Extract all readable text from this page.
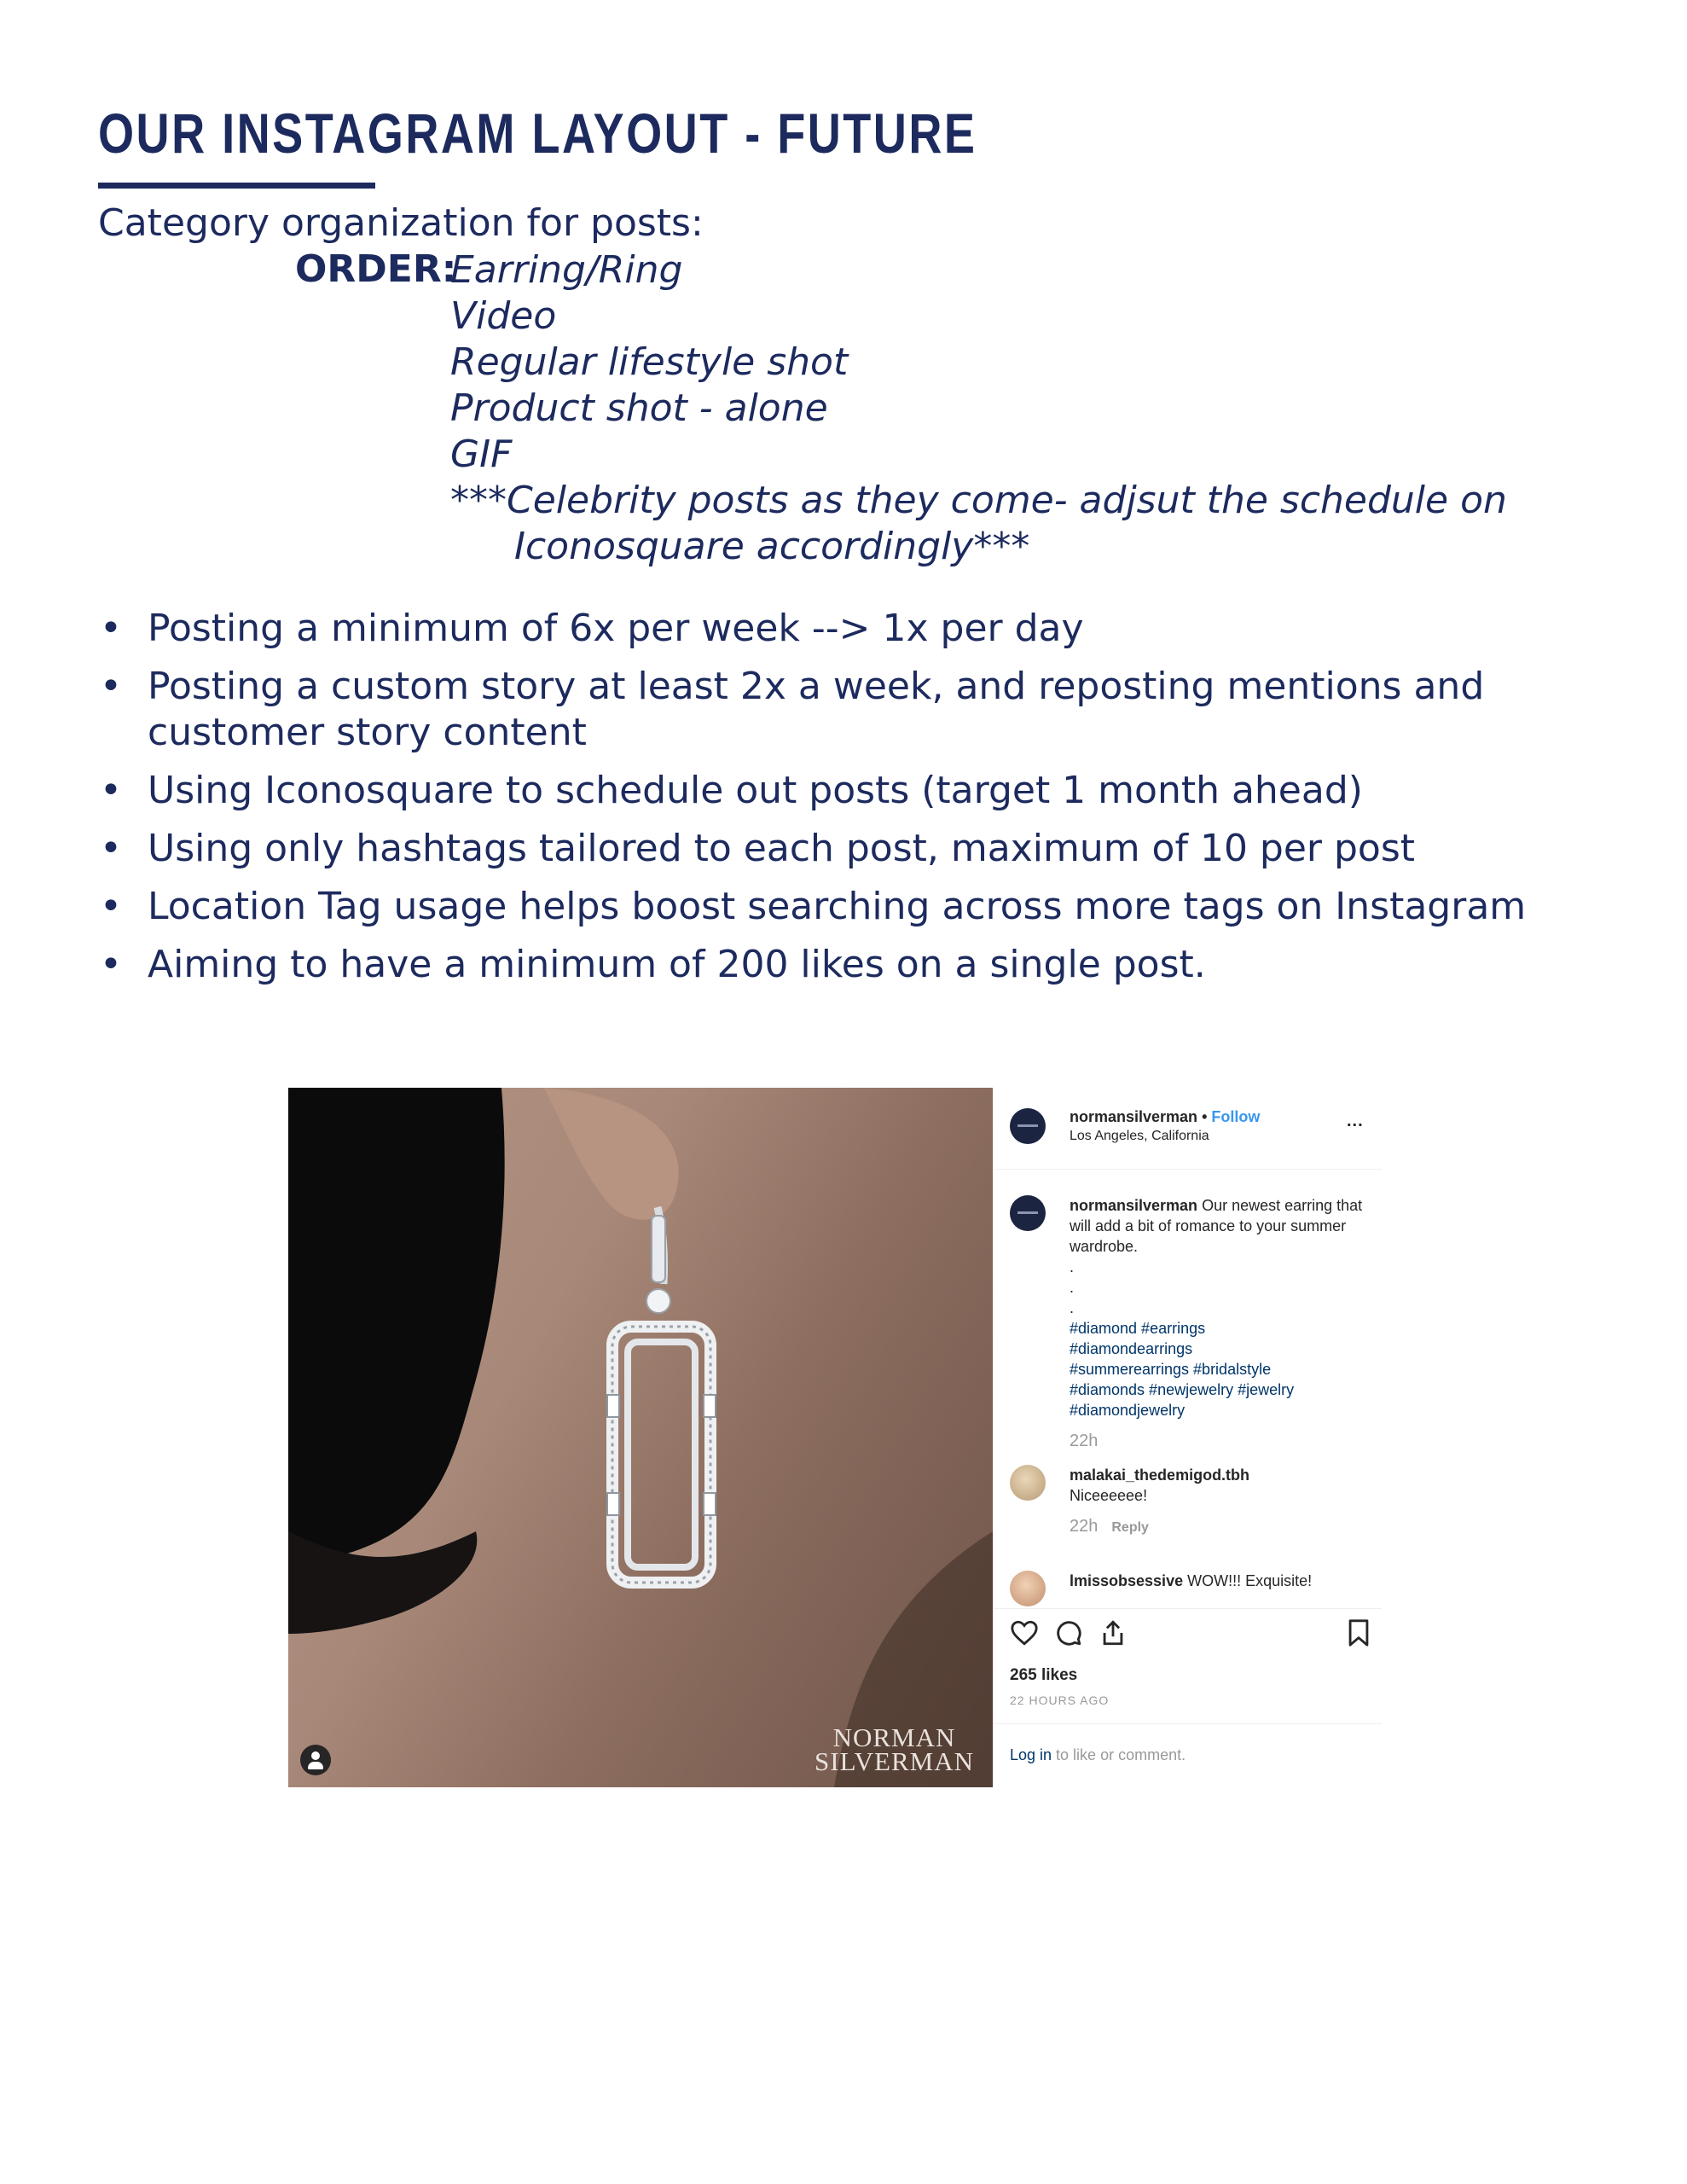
OUR INSTAGRAM LAYOUT - FUTURE
Category organization for posts:
ORDER:
Earring/Ring
Video
Regular lifestyle shot
Product shot - alone
GIF
***Celebrity posts as they come- adjsut the schedule on
Iconosquare accordingly***
• Posting a minimum of 6x per week --> 1x per day
• Posting a custom story at least 2x a week, and reposting mentions and customer story content
• Using Iconosquare to schedule out posts (target 1 month ahead)
• Using only hashtags tailored to each post, maximum of 10 per post
• Location Tag usage helps boost searching across more tags on Instagram
• Aiming to have a minimum of 200 likes on a single post.
NORMAN
SILVERMAN
normansilverman • Follow
Los Angeles, California
...
normansilverman Our newest earring that will add a bit of romance to your summer wardrobe.
.
.
.
#diamond #earrings
#diamondearrings
#summerearrings #bridalstyle
#diamonds #newjewelry #jewelry
#diamondjewelry
22h
malakai_thedemigod.tbh
Niceeeeee!
22h Reply
lmissobsessive WOW!!! Exquisite!
265 likes
22 HOURS AGO
Log in to like or comment.
